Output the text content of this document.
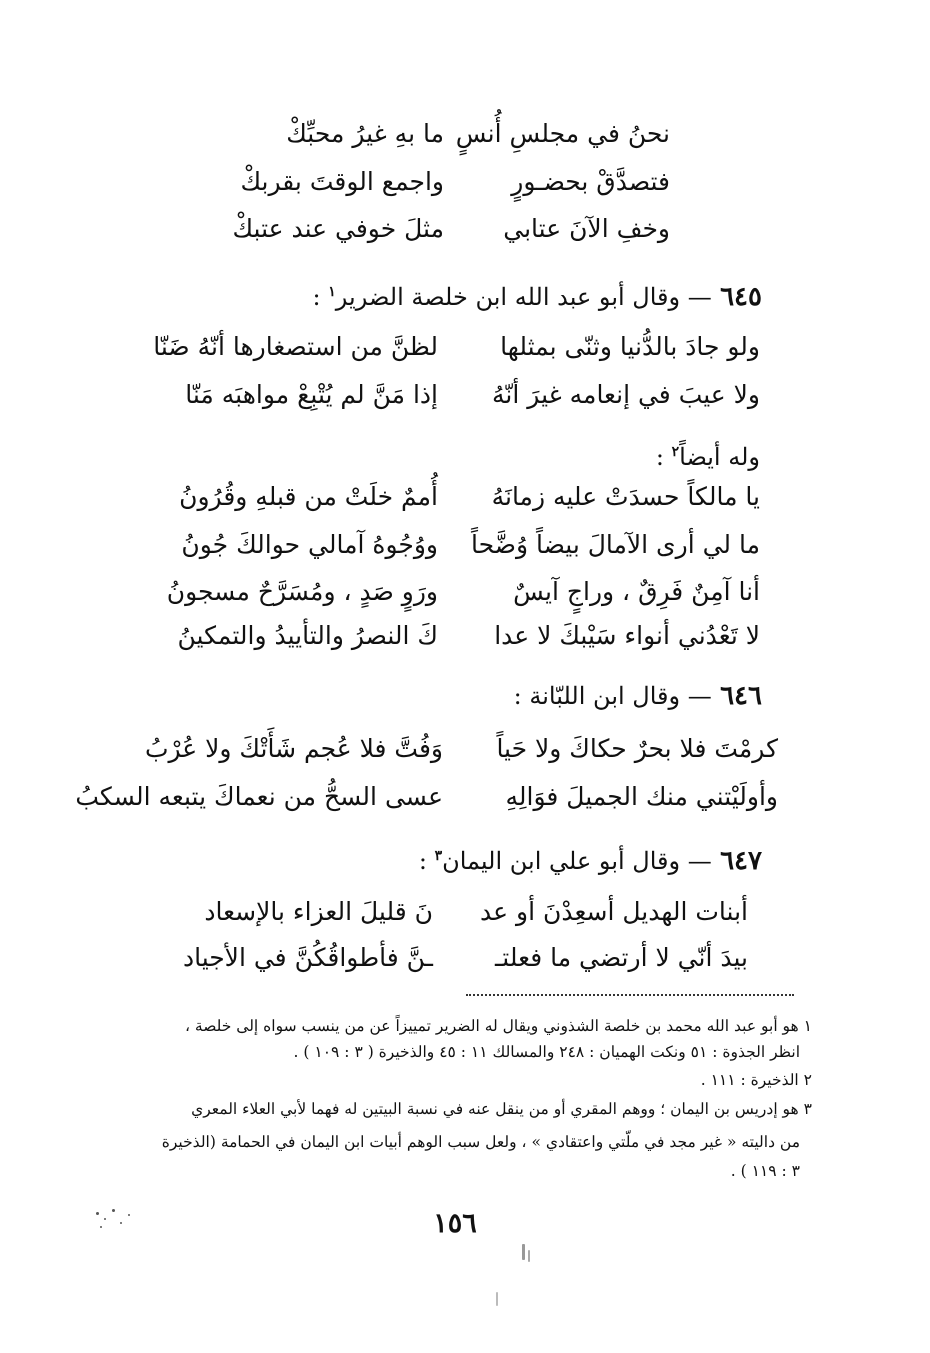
نحنُ في مجلسِ أُنسٍ
ما بهِ غيرُ محبِّكْ
فتصدَّقْ بحضـورٍ
واجمع الوقتَ بقربكْ
وخفِ الآنَ عتابي
مثلَ خوفي عند عتبكْ
٦٤٥ — وقال أبو عبد الله ابن خلصة الضرير$^١$ :
ولو جادَ بالدُّنيا وثنّى بمثلها
لظنَّ من استصغارها أنّهُ ضَنّا
ولا عيبَ في إنعامه غيرَ أنّهُ
إذا مَنَّ لم يُتْبِعْ مواهبَه مَنّا
وله أيضاً$^٢$ :
يا مالكاً حسدَتْ عليه زمانَهُ
أُممٌ خلَتْ من قبلهِ وقُرُونُ
ما لي أرى الآمالَ بيضاً وُضَّحاً
ووُجُوهُ آمالي حوالكَ جُونُ
أنا آمِنٌ فَرِقٌ ، وراجٍ آيسٌ
ورَوٍ صَدٍ ، ومُسَرَّحٌ مسجونُ
لا تَعْدُني أنواء سَيْبكَ لا عدا
كَ النصرُ والتأييدُ والتمكينُ
٦٤٦ — وقال ابن اللبّانة :
كرمْتَ فلا بحرٌ حكاكَ ولا حَياً
وَفُتَّ فلا عُجم شَأَتْكَ ولا عُرْبُ
وأولَيْتني منك الجميلَ فوَالِهِ
عسى السحُّ من نعماكَ يتبعه السكبُ
٦٤٧ — وقال أبو علي ابن اليمان$^٣$ :
أبنات الهديل أسعِدْنَ أو عد
نَ قليلَ العزاء بالإسعاد
بيدَ أنّي لا أرتضي ما فعلتـ
ـنَّ فأطواقُكُنَّ في الأجياد
١ هو أبو عبد الله محمد بن خلصة الشذوني ويقال له الضرير تمييزاً عن من ينسب سواه إلى خلصة ،
انظر الجذوة : ٥١ ونكت الهميان : ٢٤٨ والمسالك ١١ : ٤٥ والذخيرة ( ٣ : ١٠٩ ) .
٢ الذخيرة : ١١١ .
٣ هو إدريس بن اليمان ؛ ووهم المقري أو من ينقل عنه في نسبة البيتين له فهما لأبي العلاء المعري
من داليته « غير مجد في ملّتي واعتقادي » ، ولعل سبب الوهم أبيات ابن اليمان في الحمامة (الذخيرة
٣ : ١١٩ ) .
١٥٦
